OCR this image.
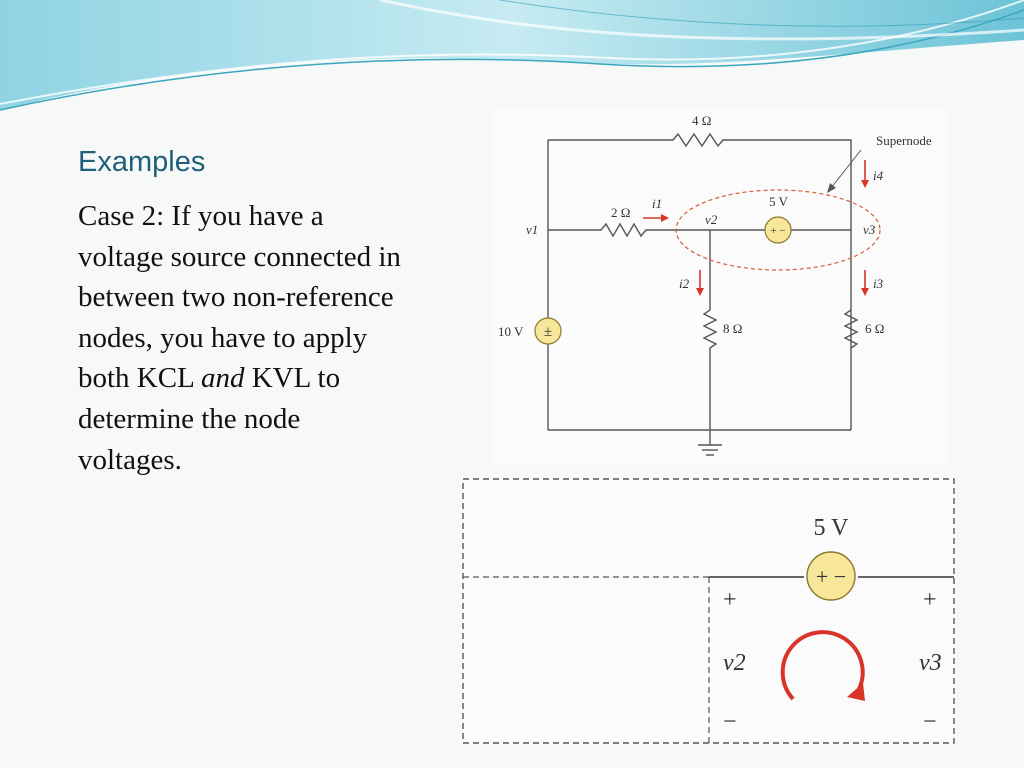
Examples
Case 2: If you have a voltage source connected in between two non-reference nodes, you have to apply both KCL and KVL to determine the node voltages.
±
+ −
4 Ω
2 Ω
8 Ω	6 Ω
10 V
5 V
Supernode
v1
v2
v3
i1
i2	i3
i4
+ −
5 V
+	+
−	−
v2	v3
